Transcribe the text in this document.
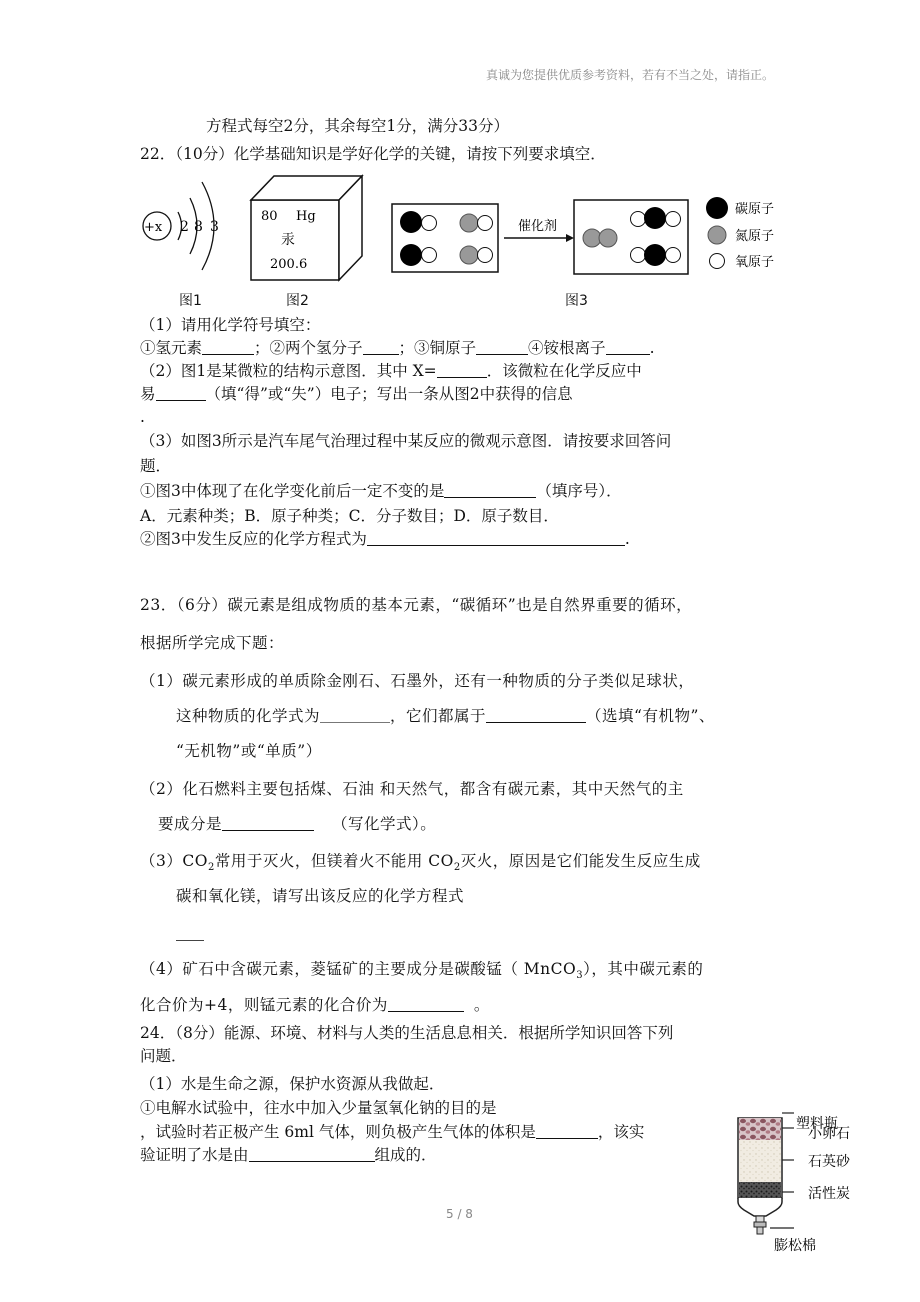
真诚为您提供优质参考资料，若有不当之处，请指正。
方程式每空2分，其余每空1分，满分33分）
22．（10分）化学基础知识是学好化学的关键，请按下列要求填空．
+x 2 8 3
80 Hg
汞
200.6
催化剂
碳原子
氮原子
氧原子
图1	图2	图3
（1）请用化学符号填空：
①氢元素	；②两个氢分子 ；③铜原子	④铵根离子	.
（2）图1是某微粒的结构示意图．其中 X=	．该微粒在化学反应中
易	（填“得”或“失”）电子；写出一条从图2中获得的信息
.
（3）如图3所示是汽车尾气治理过程中某反应的微观示意图．请按要求回答问
题．
①图3中体现了在化学变化前后一定不变的是	（填序号）．
A．元素种类；B．原子种类；C．分子数目；D．原子数目．
②图3中发生反应的化学方程式为	.
23．（6分）碳元素是组成物质的基本元素，“碳循环”也是自然界重要的循环，
根据所学完成下题：
（1）碳元素形成的单质除金刚石、石墨外，还有一种物质的分子类似足球状，
这种物质的化学式为	，它们都属于	（选填“有机物”、
“无机物”或“单质”）
（2）化石燃料主要包括煤、石油 和天然气，都含有碳元素，其中天然气的主
要成分是	（写化学式）。
$(3)CO_2$常用于灭火，但镁着火不能用 $CO_2$灭火，原因是它们能发生反应生成
碳和氧化镁，请写出该反应的化学方程式
（4）矿石中含碳元素，菱锰矿的主要成分是碳酸锰（ MnCO$_3$），其中碳元素的
化合价为+4，则锰元素的化合价为	。
24．（8分）能源、环境、材料与人类的生活息息相关．根据所学知识回答下列
问题．
（1）水是生命之源，保护水资源从我做起．
①电解水试验中，往水中加入少量氢氧化钠的目的是
，试验时若正极产生 6ml 气体，则负极产生气体的体积是	，该实
验证明了水是由	组成的．
塑料瓶
小卵石
石英砂
活性炭
膨松棉
5 / 8
